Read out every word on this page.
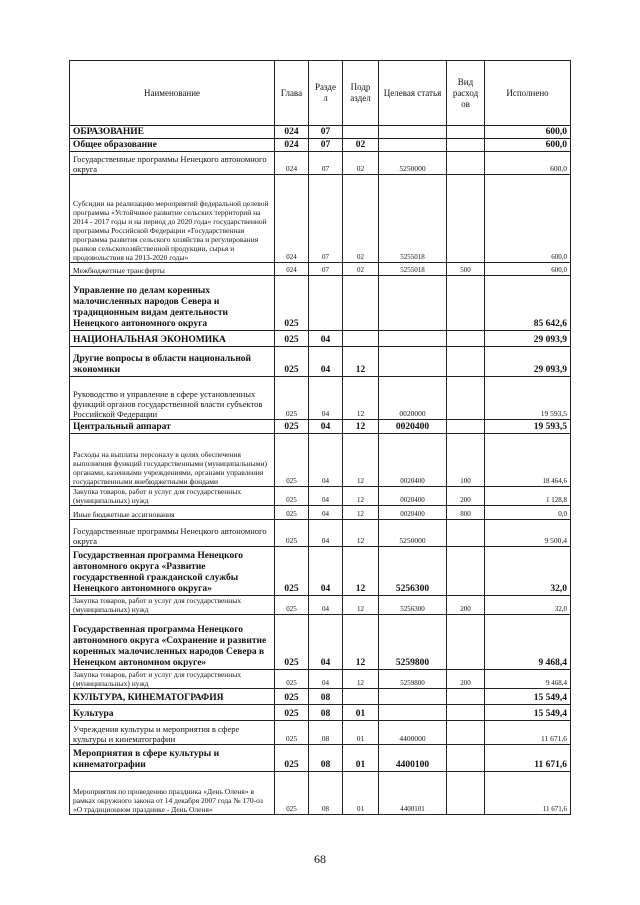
Наименование	Глава	Разде л	Подр аздел	Целевая статья	Вид расход ов	Исполнено
ОБРАЗОВАНИЕ	024	07				600,0
Общее образование	024	07	02			600,0
Государственные программы Ненецкого автономного округа	024	07	02	5250000		600,0
Субсидии на реализацию мероприятий федеральной целевой программы «Устойчивое развитие сельских территорий на 2014 - 2017 годы и на период до 2020 года» государственной программы Российской Федерации «Государственная программа развития сельского хозяйства и регулирования рынков сельскохозяйственной продукции, сырья и продовольствия на 2013-2020 годы»	024	07	02	5255018		600,0
Межбюджетные трансферты	024	07	02	5255018	500	600,0
Управление по делам коренных малочисленных народов Севера и традиционным видам деятельности Ненецкого автономного округа	025					85 642,6
НАЦИОНАЛЬНАЯ ЭКОНОМИКА	025	04				29 093,9
Другие вопросы в области национальной экономики	025	04	12			29 093,9
Руководство и управление в сфере установленных функций органов государственной власти субъектов Российской Федерации	025	04	12	0020000		19 593,5
Центральный аппарат	025	04	12	0020400		19 593,5
Расходы на выплаты персоналу в целях обеспечения выполнения функций государственными (муниципальными) органами, казенными учреждениями, органами управления государственными внебюджетными фондами	025	04	12	0020400	100	18 464,6
Закупка товаров, работ и услуг для государственных (муниципальных) нужд	025	04	12	0020400	200	1 128,8
Иные бюджетные ассигнования	025	04	12	0020400	800	0,0
Государственные программы Ненецкого автономного округа	025	04	12	5250000		9 500,4
Государственная программа Ненецкого автономного округа «Развитие государственной гражданской службы Ненецкого автономного округа»	025	04	12	5256300		32,0
Закупка товаров, работ и услуг для государственных (муниципальных) нужд	025	04	12	5256300	200	32,0
Государственная программа Ненецкого автономного округа «Сохранение и развитие коренных малочисленных народов Севера в Ненецком автономном округе»	025	04	12	5259800		9 468,4
Закупка товаров, работ и услуг для государственных (муниципальных) нужд	025	04	12	5259800	200	9 468,4
КУЛЬТУРА, КИНЕМАТОГРАФИЯ	025	08				15 549,4
Культура	025	08	01			15 549,4
Учреждения культуры и мероприятия в сфере культуры и кинематографии	025	08	01	4400000		11 671,6
Мероприятия в сфере культуры и кинематографии	025	08	01	4400100		11 671,6
Мероприятия по проведению праздника «День Оленя» в рамках окружного закона от 14 декабря 2007 года № 170-оз «О традиционном празднике - День Оленя»	025	08	01	4400101		11 671,6
68
